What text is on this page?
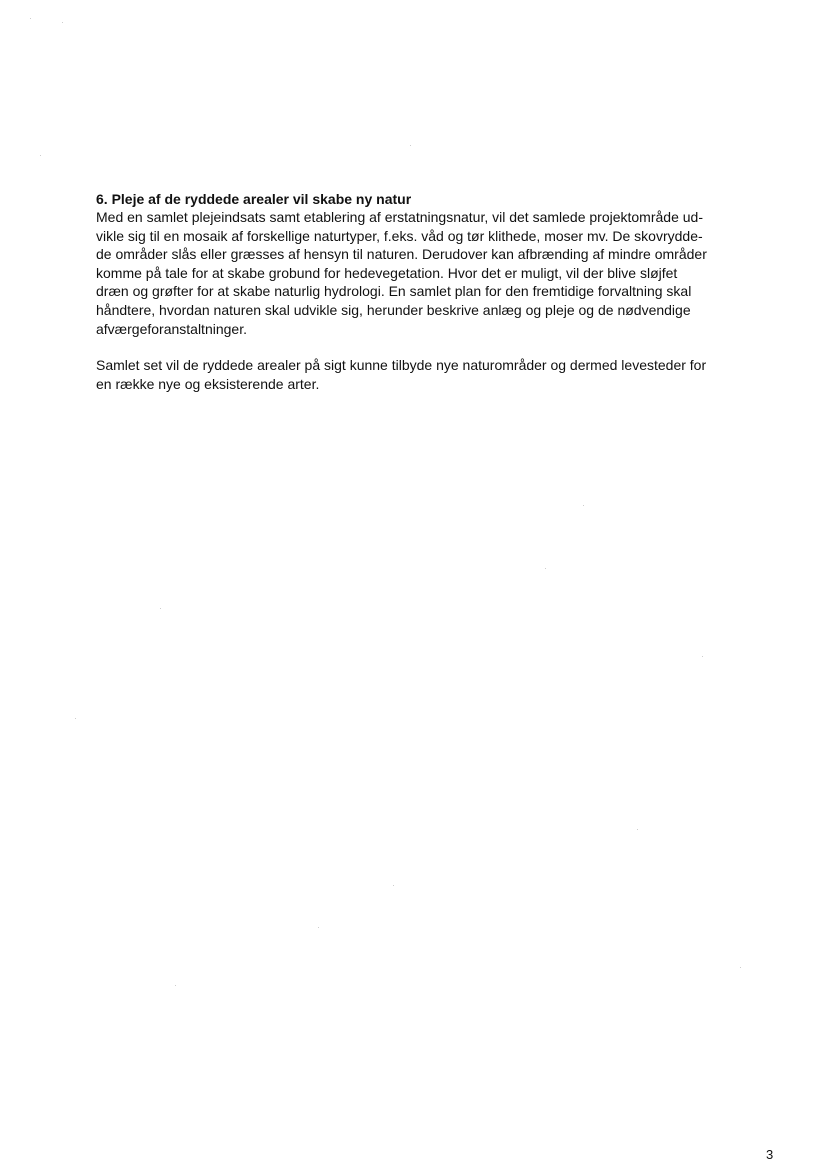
6. Pleje af de ryddede arealer vil skabe ny natur

Med en samlet plejeindsats samt etablering af erstatningsnatur, vil det samlede projektområde ud-

vikle sig til en mosaik af forskellige naturtyper, f.eks. våd og tør klithede, moser mv. De skovrydde-

de områder slås eller græsses af hensyn til naturen. Derudover kan afbrænding af mindre områder

komme på tale for at skabe grobund for hedevegetation. Hvor det er muligt, vil der blive sløjfet

dræn og grøfter for at skabe naturlig hydrologi. En samlet plan for den fremtidige forvaltning skal

håndtere, hvordan naturen skal udvikle sig, herunder beskrive anlæg og pleje og de nødvendige

afværgeforanstaltninger.

Samlet set vil de ryddede arealer på sigt kunne tilbyde nye naturområder og dermed levesteder for

en række nye og eksisterende arter.

3
